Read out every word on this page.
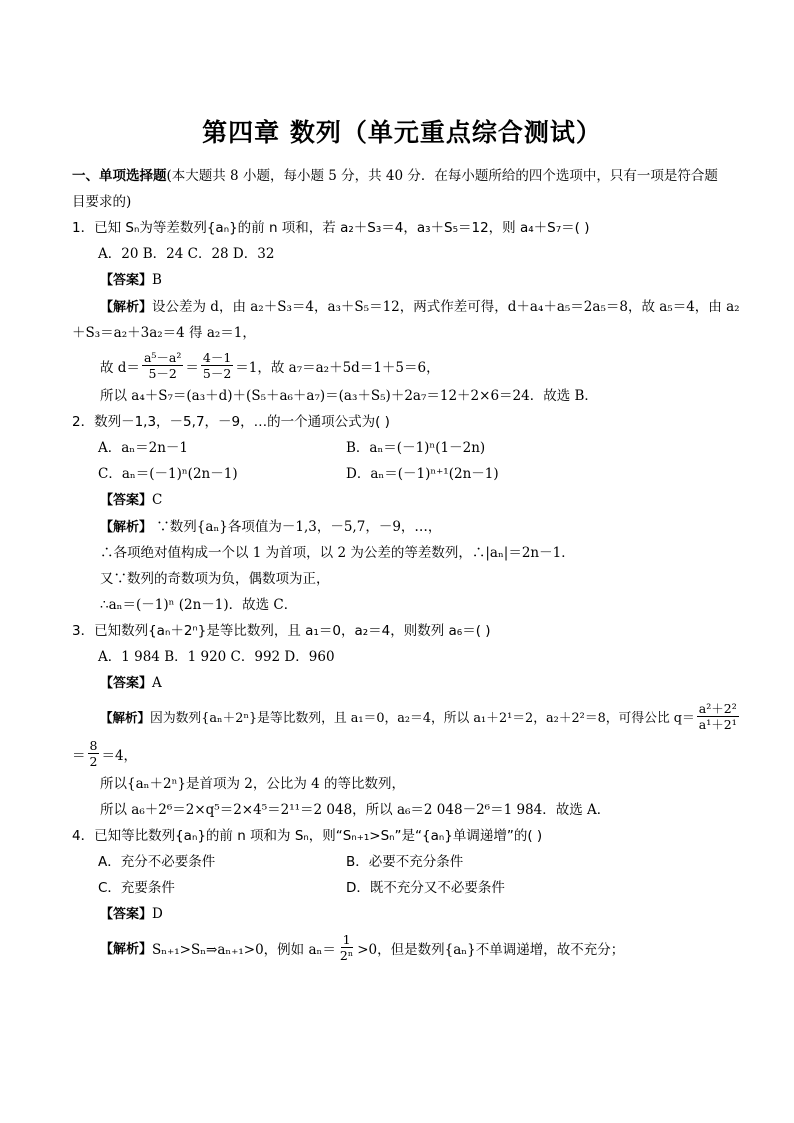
第四章 数列（单元重点综合测试）
一、单项选择题(本大题共 8 小题，每小题 5 分，共 40 分．在每小题所给的四个选项中，只有一项是符合题目要求的)
1．已知 Sₙ为等差数列{aₙ}的前 n 项和，若 a₂＋S₃＝4，a₃＋S₅＝12，则 a₄＋S₇＝( )
A．20 B．24 C．28 D．32
【答案】B
【解析】设公差为 d，由 a₂＋S₃＝4，a₃＋S₅＝12，两式作差可得，d＋a₄＋a₅＝2a₅＝8，故 a₅＝4，由 a₂
＋S₃＝a₂＋3a₂＝4 得 a₂＝1，
故 $d= \frac{\text{a⁵－a²}}{5-2} = \frac{4-1}{5-2} =1$，故 a₇＝a₂＋5d＝1＋5＝6，
所以 a₄＋S₇＝(a₃＋d)＋(S₅＋a₆＋a₇)＝(a₃＋S₅)＋2a₇＝12＋2×6＝24．故选 B．
2．数列－1,3，－5,7，－9，…的一个通项公式为( )
A．aₙ＝2n－1	B．aₙ＝(－1)ⁿ(1－2n)
C．aₙ＝(－1)ⁿ(2n－1)	D．aₙ＝(－1)ⁿ⁺¹(2n－1)
【答案】C
【解析】 ∵数列{aₙ}各项值为－1,3，－5,7，－9，…，
∴各项绝对值构成一个以 1 为首项，以 2 为公差的等差数列，∴|aₙ|＝2n－1．
又∵数列的奇数项为负，偶数项为正，
∴aₙ＝(－1)ⁿ (2n－1)．故选 C．
3．已知数列{aₙ＋2ⁿ}是等比数列，且 a₁＝0，a₂＝4，则数列 a₆＝( )
A．1 984 B．1 920 C．992 D．960
【答案】A
【解析】 因为数列{aₙ＋2ⁿ}是等比数列，且 a₁＝0，a₂＝4，所以 a₁＋2¹＝2，a₂＋2²＝8，可得公比 $q= \frac{\text{a²＋2²}}{\text{a¹＋2¹}}$
＝ $\frac{8}{2} =4$，
所以{aₙ＋2ⁿ}是首项为 2，公比为 4 的等比数列，
所以 a₆＋2⁶＝2×q⁵＝2×4⁵＝2¹¹＝2 048，所以 a₆＝2 048－2⁶＝1 984．故选 A．
4．已知等比数列{aₙ}的前 n 项和为 Sₙ，则“Sₙ₊₁>Sₙ”是“{aₙ}单调递增”的( )
A．充分不必要条件	B．必要不充分条件
C．充要条件	D．既不充分又不必要条件
【答案】D
【解析】 Sₙ₊₁>Sₙ⇒aₙ₊₁>0，例如 $a_n= \frac{1}{\text{2ⁿ}} >0$，但是数列{aₙ}不单调递增，故不充分；
